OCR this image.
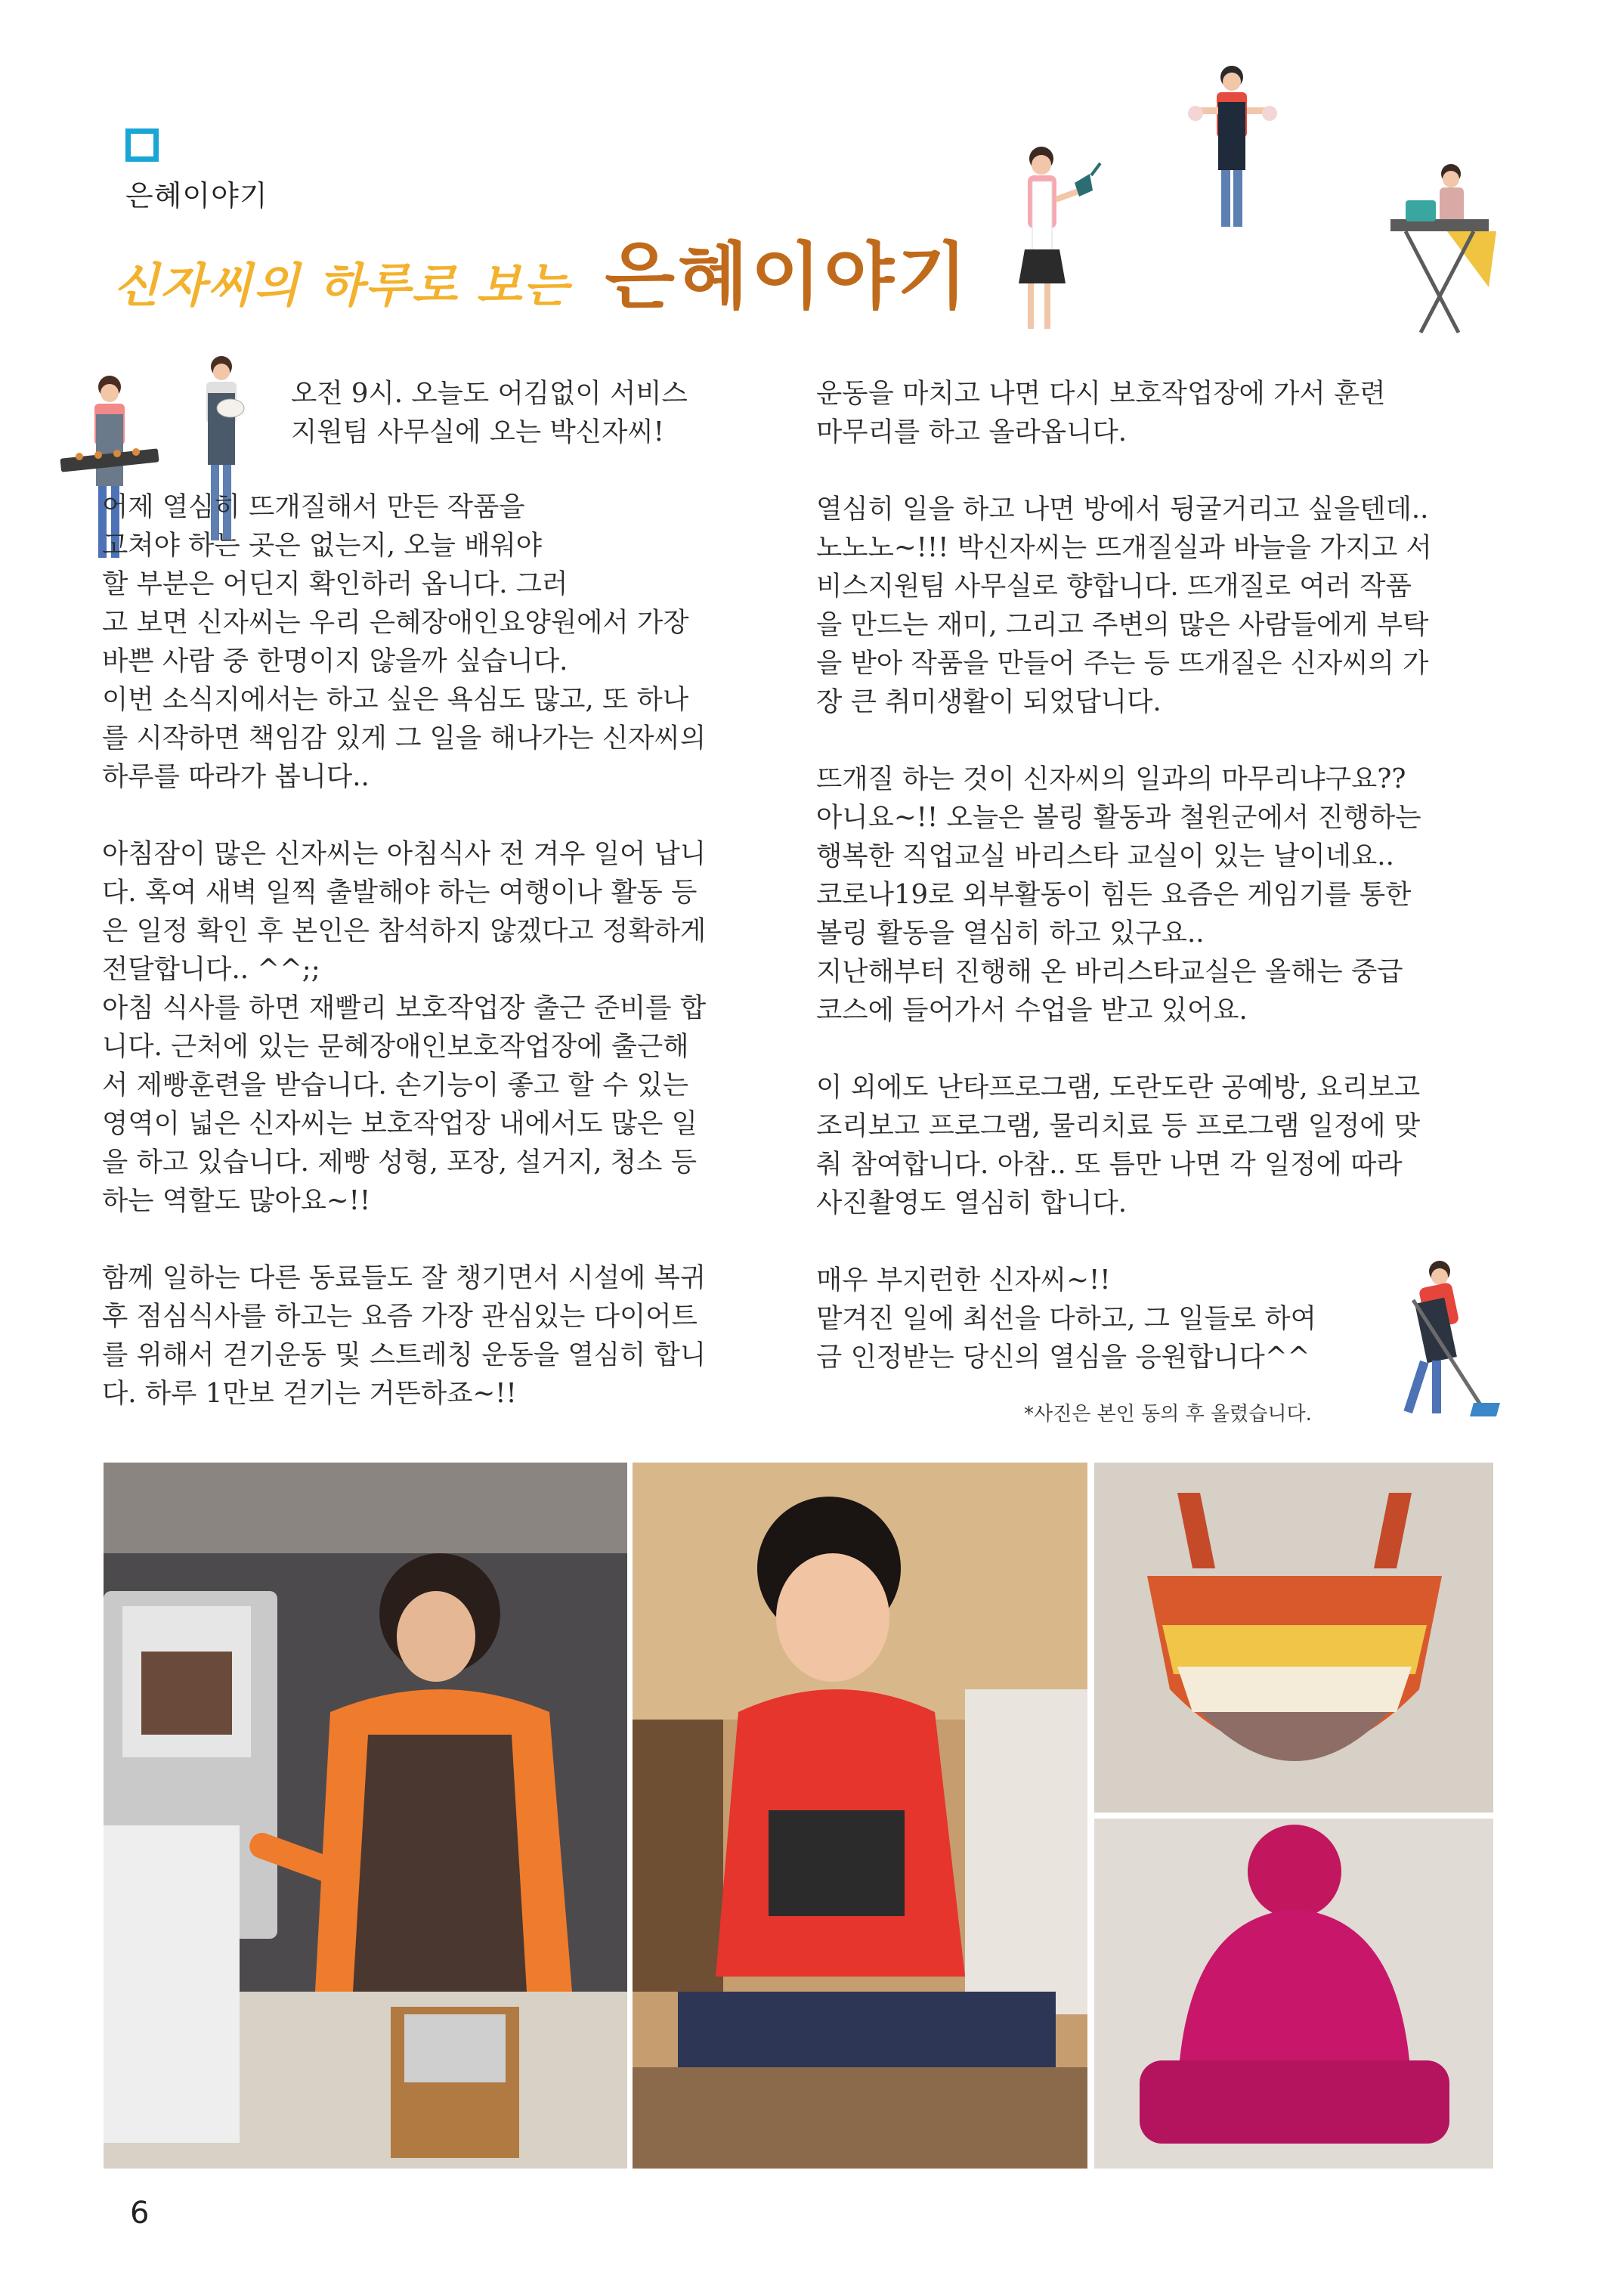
은혜이야기
신자씨의 하루로 보는 은혜이야기
오전 9시. 오늘도 어김없이 서비스
지원팀 사무실에 오는 박신자씨!
어제 열심히 뜨개질해서 만든 작품을
고쳐야 하는 곳은 없는지, 오늘 배워야
할 부분은 어딘지 확인하러 옵니다. 그러
고 보면 신자씨는 우리 은혜장애인요양원에서 가장
바쁜 사람 중 한명이지 않을까 싶습니다.
이번 소식지에서는 하고 싶은 욕심도 많고, 또 하나
를 시작하면 책임감 있게 그 일을 해나가는 신자씨의
하루를 따라가 봅니다..

아침잠이 많은 신자씨는 아침식사 전 겨우 일어 납니
다. 혹여 새벽 일찍 출발해야 하는 여행이나 활동 등
은 일정 확인 후 본인은 참석하지 않겠다고 정확하게
전달합니다.. ^^;;
아침 식사를 하면 재빨리 보호작업장 출근 준비를 합
니다. 근처에 있는 문혜장애인보호작업장에 출근해
서 제빵훈련을 받습니다. 손기능이 좋고 할 수 있는
영역이 넓은 신자씨는 보호작업장 내에서도 많은 일
을 하고 있습니다. 제빵 성형, 포장, 설거지, 청소 등
하는 역할도 많아요~!!

함께 일하는 다른 동료들도 잘 챙기면서 시설에 복귀
후 점심식사를 하고는 요즘 가장 관심있는 다이어트
를 위해서 걷기운동 및 스트레칭 운동을 열심히 합니
다. 하루 1만보 걷기는 거뜬하죠~!!
운동을 마치고 나면 다시 보호작업장에 가서 훈련
마무리를 하고 올라옵니다.

열심히 일을 하고 나면 방에서 뒹굴거리고 싶을텐데..
노노노~!!! 박신자씨는 뜨개질실과 바늘을 가지고 서
비스지원팀 사무실로 향합니다. 뜨개질로 여러 작품
을 만드는 재미, 그리고 주변의 많은 사람들에게 부탁
을 받아 작품을 만들어 주는 등 뜨개질은 신자씨의 가
장 큰 취미생활이 되었답니다.

뜨개질 하는 것이 신자씨의 일과의 마무리냐구요??
아니요~!! 오늘은 볼링 활동과 철원군에서 진행하는
행복한 직업교실 바리스타 교실이 있는 날이네요..
코로나19로 외부활동이 힘든 요즘은 게임기를 통한
볼링 활동을 열심히 하고 있구요..
지난해부터 진행해 온 바리스타교실은 올해는 중급
코스에 들어가서 수업을 받고 있어요.

이 외에도 난타프로그램, 도란도란 공예방, 요리보고
조리보고 프로그램, 물리치료 등 프로그램 일정에 맞
춰 참여합니다. 아참.. 또 틈만 나면 각 일정에 따라
사진촬영도 열심히 합니다.

매우 부지런한 신자씨~!!
맡겨진 일에 최선을 다하고, 그 일들로 하여
금 인정받는 당신의 열심을 응원합니다^^
*사진은 본인 동의 후 올렸습니다.
6
